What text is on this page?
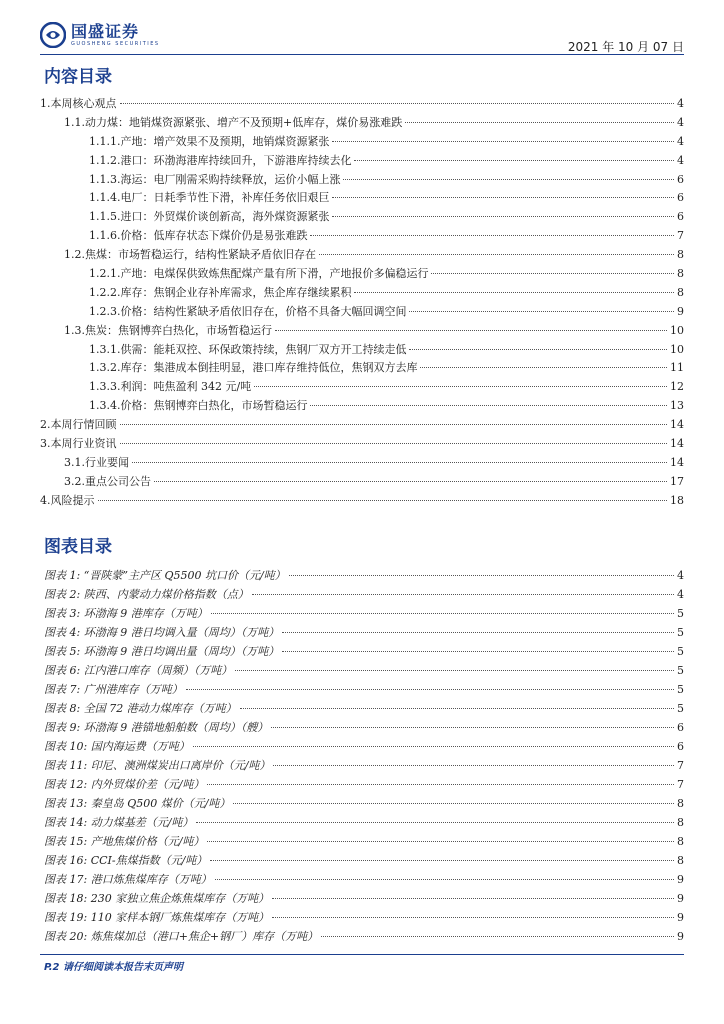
国盛证券
GUOSHENG SECURITIES	2021 年 10 月 07 日
内容目录
1.本周核心观点	4
1.1.动力煤：地销煤资源紧张、增产不及预期+低库存，煤价易涨难跌	4
1.1.1.产地：增产效果不及预期，地销煤资源紧张	4
1.1.2.港口：环渤海港库持续回升，下游港库持续去化	4
1.1.3.海运：电厂刚需采购持续释放，运价小幅上涨	6
1.1.4.电厂：日耗季节性下滑，补库任务依旧艰巨	6
1.1.5.进口：外贸煤价谈创新高，海外煤资源紧张	6
1.1.6.价格：低库存状态下煤价仍是易张难跌	7
1.2.焦煤：市场暂稳运行，结构性紧缺矛盾依旧存在	8
1.2.1.产地：电煤保供致炼焦配煤产量有所下滑，产地报价多偏稳运行	8
1.2.2.库存：焦钢企业存补库需求，焦企库存继续累积	8
1.2.3.价格：结构性紧缺矛盾依旧存在，价格不具备大幅回调空间	9
1.3.焦炭：焦钢博弈白热化，市场暂稳运行	10
1.3.1.供需：能耗双控、环保政策持续，焦钢厂双方开工持续走低	10
1.3.2.库存：集港成本倒挂明显，港口库存维持低位，焦钢双方去库	11
1.3.3.利润：吨焦盈利 342 元/吨	12
1.3.4.价格：焦钢博弈白热化，市场暂稳运行	13
2.本周行情回顾	14
3.本周行业资讯	14
3.1.行业要闻	14
3.2.重点公司公告	17
4.风险提示	18
图表目录
图表 1: “晋陕蒙”主产区 Q5500 坑口价（元/吨）	4
图表 2: 陕西、内蒙动力煤价格指数（点）	4
图表 3: 环渤海 9 港库存（万吨）	5
图表 4: 环渤海 9 港日均调入量（周均）（万吨）	5
图表 5: 环渤海 9 港日均调出量（周均）（万吨）	5
图表 6: 江内港口库存（周频）（万吨）	5
图表 7: 广州港库存（万吨）	5
图表 8: 全国 72 港动力煤库存（万吨）	5
图表 9: 环渤海 9 港锚地船舶数（周均）（艘）	6
图表 10: 国内海运费（万吨）	6
图表 11: 印尼、澳洲煤炭出口离岸价（元/吨）	7
图表 12: 内外贸煤价差（元/吨）	7
图表 13: 秦皇岛 Q500 煤价（元/吨）	8
图表 14: 动力煤基差（元/吨）	8
图表 15: 产地焦煤价格（元/吨）	8
图表 16: CCI-焦煤指数（元/吨）	8
图表 17: 港口炼焦煤库存（万吨）	9
图表 18: 230 家独立焦企炼焦煤库存（万吨）	9
图表 19: 110 家样本钢厂炼焦煤库存（万吨）	9
图表 20: 炼焦煤加总（港口+焦企+钢厂）库存（万吨）	9
P.2 请仔细阅读本报告末页声明
